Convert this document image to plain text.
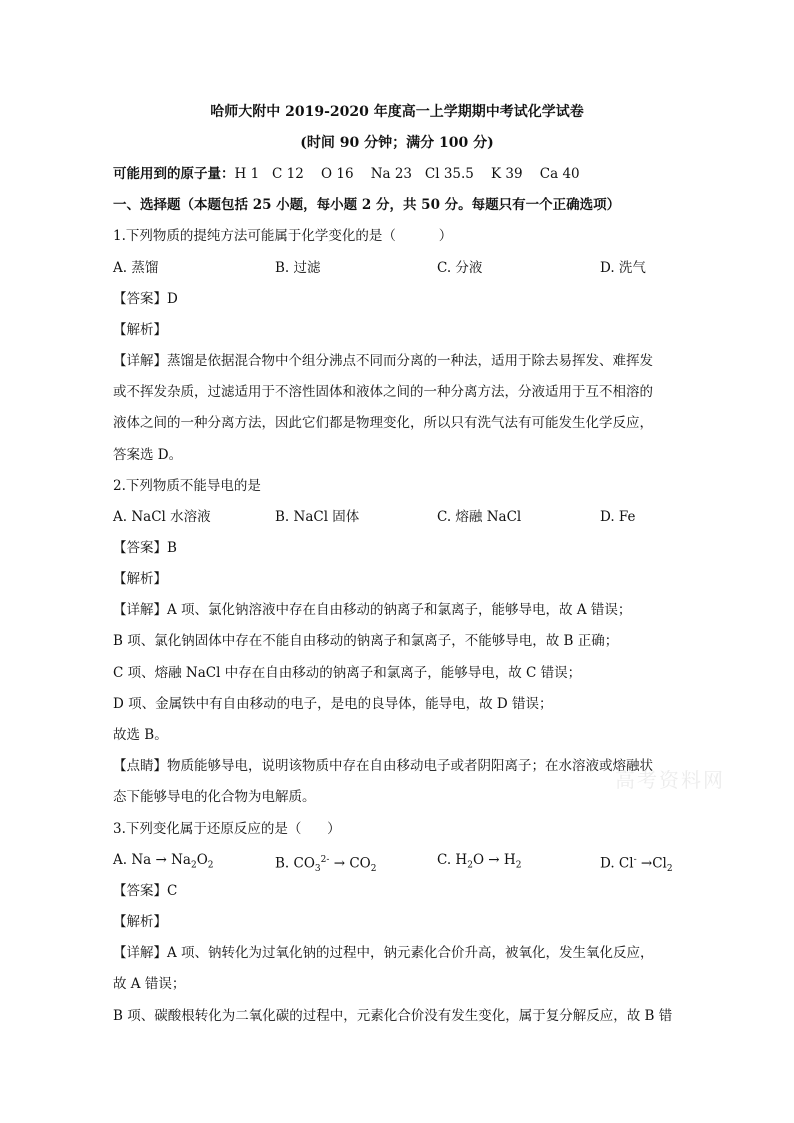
哈师大附中 2019-2020 年度高一上学期期中考试化学试卷
(时间 90 分钟；满分 100 分)
可能用到的原子量：H 1   C 12    O 16    Na 23   Cl 35.5    K 39    Ca 40
一、选择题（本题包括 25 小题，每小题 2 分，共 50 分。每题只有一个正确选项）
1.下列物质的提纯方法可能属于化学变化的是（          ）
A. 蒸馏	B. 过滤	C. 分液	D. 洗气
【答案】D
【解析】
【详解】蒸馏是依据混合物中个组分沸点不同而分离的一种法，适用于除去易挥发、难挥发
或不挥发杂质，过滤适用于不溶性固体和液体之间的一种分离方法，分液适用于互不相溶的
液体之间的一种分离方法，因此它们都是物理变化，所以只有洗气法有可能发生化学反应，
答案选 D。
2.下列物质不能导电的是
A. NaCl 水溶液	B. NaCl 固体	C. 熔融 NaCl	D. Fe
【答案】B
【解析】
【详解】A 项、氯化钠溶液中存在自由移动的钠离子和氯离子，能够导电，故 A 错误；
B 项、氯化钠固体中存在不能自由移动的钠离子和氯离子，不能够导电，故 B 正确；
C 项、熔融 NaCl 中存在自由移动的钠离子和氯离子，能够导电，故 C 错误；
D 项、金属铁中有自由移动的电子，是电的良导体，能导电，故 D 错误；
故选 B。
【点睛】物质能够导电，说明该物质中存在自由移动电子或者阴阳离子；在水溶液或熔融状
态下能够导电的化合物为电解质。
3.下列变化属于还原反应的是（      ）
A. $Na \to Na_2O_2$	B. $CO_3^{2-} \to CO_2$
C. $H_2O \to H_2$	D. $Cl^- \to Cl_2$
【答案】C
【解析】
【详解】A 项、钠转化为过氧化钠的过程中，钠元素化合价升高，被氧化，发生氧化反应，
故 A 错误；
B 项、碳酸根转化为二氧化碳的过程中，元素化合价没有发生变化，属于复分解反应，故 B 错
高考资料网
